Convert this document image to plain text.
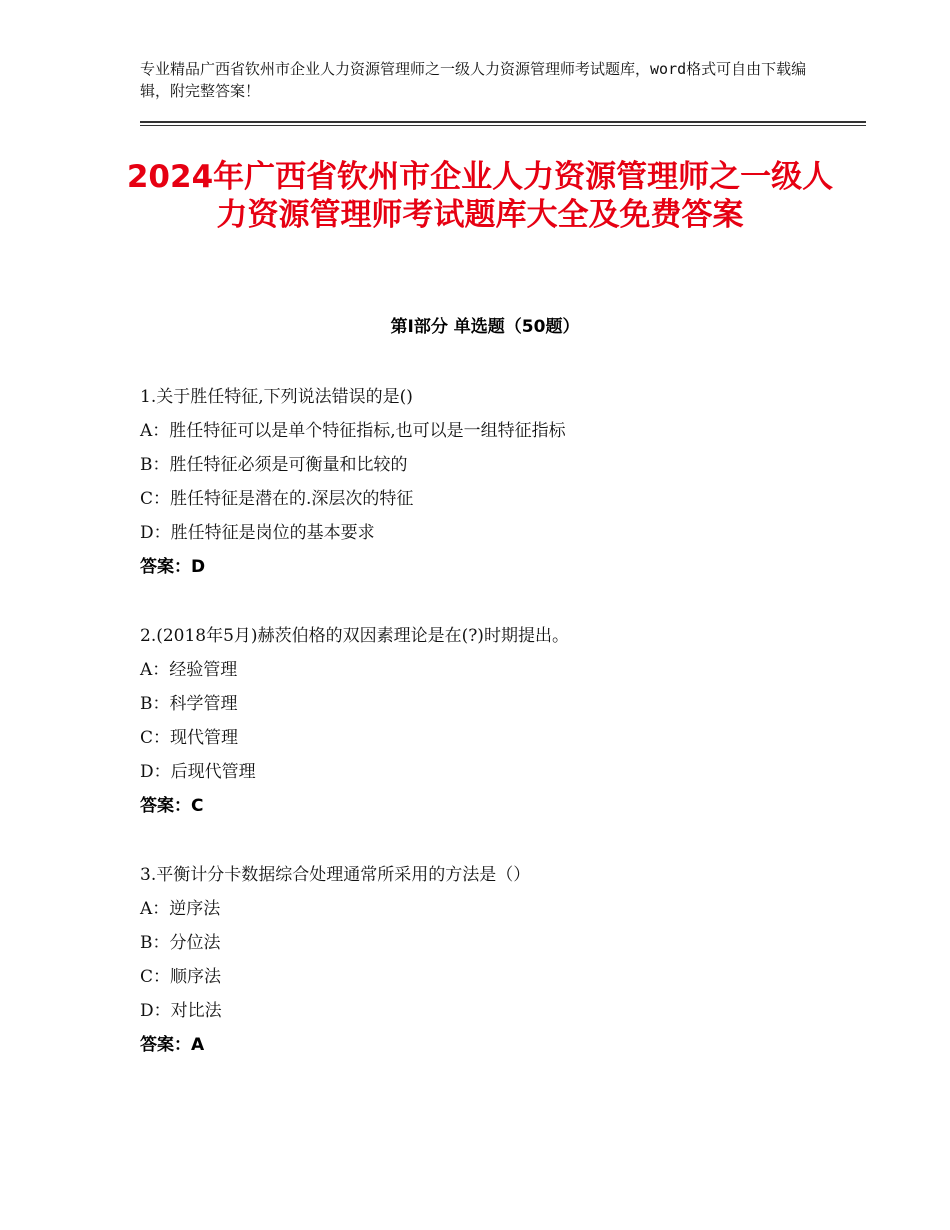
专业精品广西省钦州市企业人力资源管理师之一级人力资源管理师考试题库，word格式可自由下载编辑，附完整答案！
2024年广西省钦州市企业人力资源管理师之一级人力资源管理师考试题库大全及免费答案
第Ⅰ部分 单选题（50题）
1.关于胜任特征,下列说法错误的是()
A：胜任特征可以是单个特征指标,也可以是一组特征指标
B：胜任特征必须是可衡量和比较的
C：胜任特征是潜在的.深层次的特征
D：胜任特征是岗位的基本要求
答案：D
2.(2018年5月)赫茨伯格的双因素理论是在(?)时期提出。
A：经验管理
B：科学管理
C：现代管理
D：后现代管理
答案：C
3.平衡计分卡数据综合处理通常所采用的方法是（）
A：逆序法
B：分位法
C：顺序法
D：对比法
答案：A
